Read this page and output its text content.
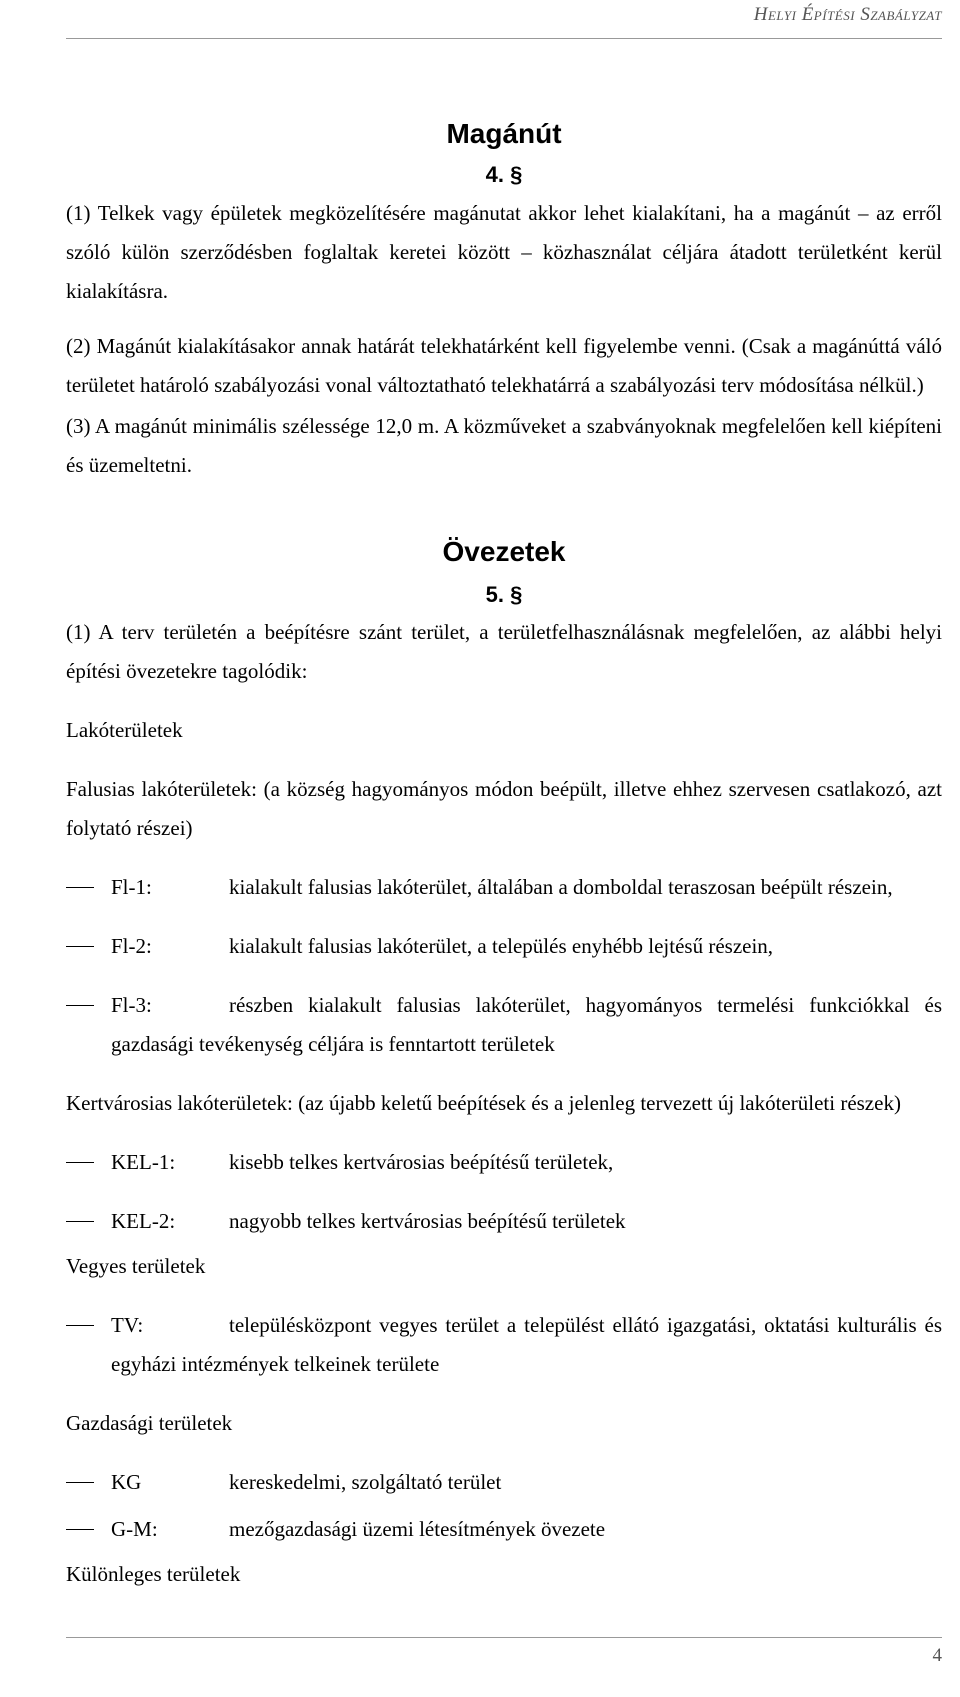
Helyi Építési Szabályzat
Magánút
4. §

(1) Telkek vagy épületek megközelítésére magánutat akkor lehet kialakítani, ha a magánút – az erről szóló külön szerződésben foglaltak keretei között – közhasználat céljára átadott területként kerül kialakításra.

(2) Magánút kialakításakor annak határát telekhatárként kell figyelembe venni. (Csak a magánúttá váló területet határoló szabályozási vonal változtatható telekhatárrá a szabályozási terv módosítása nélkül.)

(3) A magánút minimális szélessége 12,0 m. A közműveket a szabványoknak megfelelően kell kiépíteni és üzemeltetni.

Övezetek
5. §

(1) A terv területén a beépítésre szánt terület, a területfelhasználásnak megfelelően, az alábbi helyi építési övezetekre tagolódik:

Lakóterületek

Falusias lakóterületek: (a község hagyományos módon beépült, illetve ehhez szervesen csatlakozó, azt folytató részei)

Fl-1:	kialakult falusias lakóterület, általában a domboldal teraszosan beépült részein,
Fl-2:	kialakult falusias lakóterület, a település enyhébb lejtésű részein,
Fl-3:	részben kialakult falusias lakóterület, hagyományos termelési funkciókkal és gazdasági tevékenység céljára is fenntartott területek

Kertvárosias lakóterületek: (az újabb keletű beépítések és a jelenleg tervezett új lakóterületi részek)

KEL-1:	kisebb telkes kertvárosias beépítésű területek,
KEL-2:	nagyobb telkes kertvárosias beépítésű területek

Vegyes területek

TV:	településközpont vegyes terület a települést ellátó igazgatási, oktatási kulturális és egyházi intézmények telkeinek területe

Gazdasági területek

KG	kereskedelmi, szolgáltató terület
G-M:	mezőgazdasági üzemi létesítmények övezete

Különleges területek

4
